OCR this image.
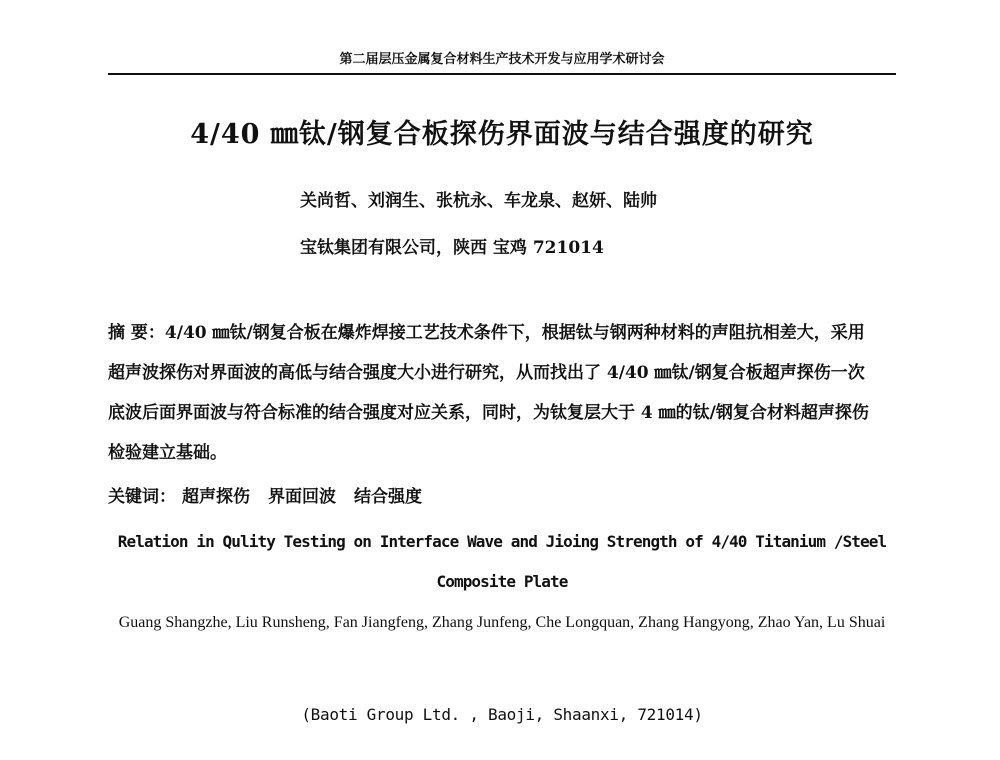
第二届层压金属复合材料生产技术开发与应用学术研讨会
4/40 ㎜钛/钢复合板探伤界面波与结合强度的研究
关尚哲、刘润生、张杭永、车龙泉、赵妍、陆帅
宝钛集团有限公司，陕西 宝鸡 721014
摘 要：4/40 ㎜钛/钢复合板在爆炸焊接工艺技术条件下，根据钛与钢两种材料的声阻抗相差大，采用超声波探伤对界面波的高低与结合强度大小进行研究，从而找出了 4/40 ㎜钛/钢复合板超声探伤一次底波后面界面波与符合标准的结合强度对应关系，同时，为钛复层大于 4 ㎜的钛/钢复合材料超声探伤检验建立基础。
关键词： 超声探伤 界面回波 结合强度
Relation in Qulity Testing on Interface Wave and Jioing Strength of 4/40 Titanium /Steel Composite Plate
Guang Shangzhe, Liu Runsheng, Fan Jiangfeng, Zhang Junfeng, Che Longquan, Zhang Hangyong, Zhao Yan, Lu Shuai
(Baoti Group Ltd. , Baoji, Shaanxi, 721014)
